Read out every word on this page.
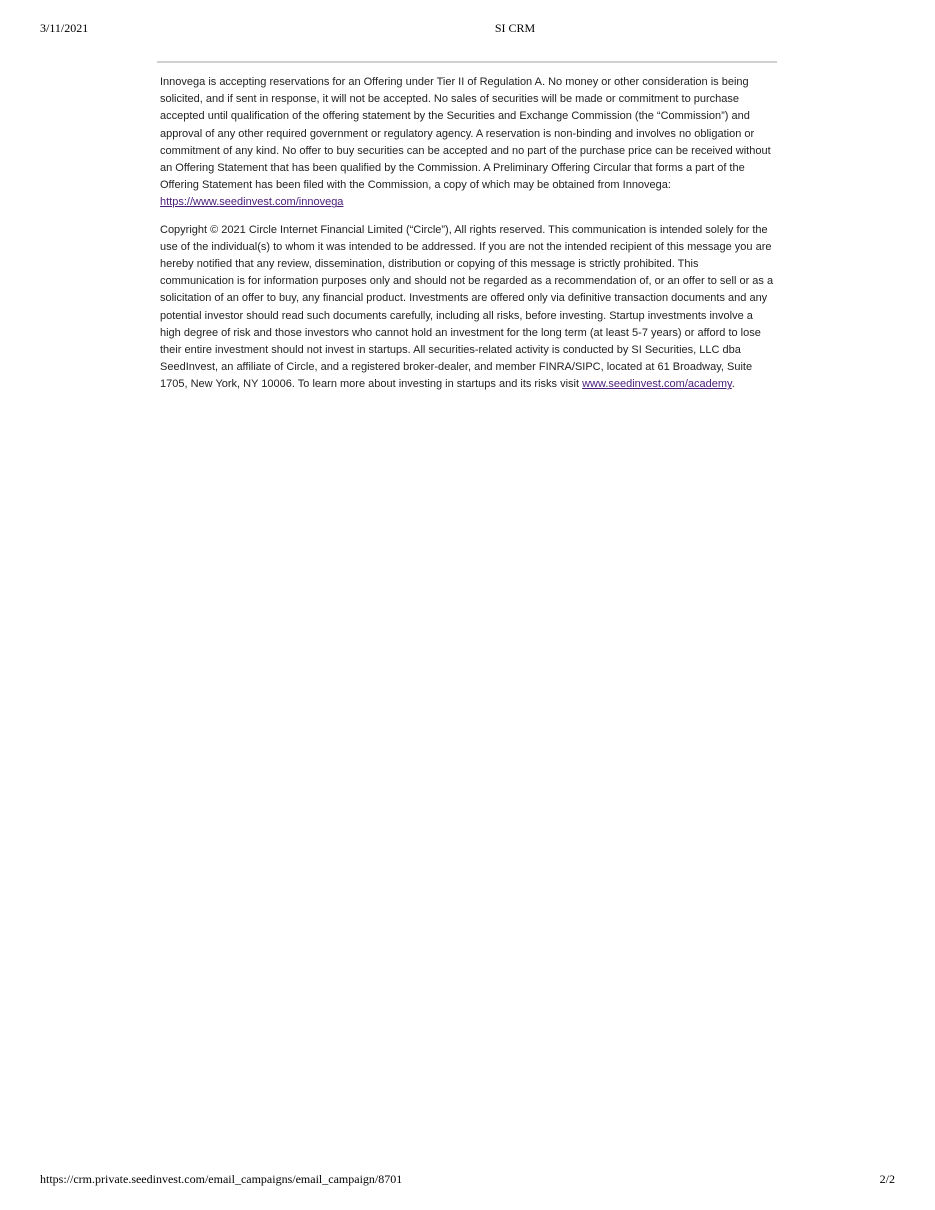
3/11/2021	SI CRM

Innovega is accepting reservations for an Offering under Tier II of Regulation A. No money or other consideration is being solicited, and if sent in response, it will not be accepted. No sales of securities will be made or commitment to purchase accepted until qualification of the offering statement by the Securities and Exchange Commission (the “Commission”) and approval of any other required government or regulatory agency. A reservation is non-binding and involves no obligation or commitment of any kind. No offer to buy securities can be accepted and no part of the purchase price can be received without an Offering Statement that has been qualified by the Commission. A Preliminary Offering Circular that forms a part of the Offering Statement has been filed with the Commission, a copy of which may be obtained from Innovega: https://www.seedinvest.com/innovega

Copyright © 2021 Circle Internet Financial Limited (“Circle”), All rights reserved. This communication is intended solely for the use of the individual(s) to whom it was intended to be addressed. If you are not the intended recipient of this message you are hereby notified that any review, dissemination, distribution or copying of this message is strictly prohibited. This communication is for information purposes only and should not be regarded as a recommendation of, or an offer to sell or as a solicitation of an offer to buy, any financial product. Investments are offered only via definitive transaction documents and any potential investor should read such documents carefully, including all risks, before investing. Startup investments involve a high degree of risk and those investors who cannot hold an investment for the long term (at least 5-7 years) or afford to lose their entire investment should not invest in startups. All securities-related activity is conducted by SI Securities, LLC dba SeedInvest, an affiliate of Circle, and a registered broker-dealer, and member FINRA/SIPC, located at 61 Broadway, Suite 1705, New York, NY 10006. To learn more about investing in startups and its risks visit www.seedinvest.com/academy.

https://crm.private.seedinvest.com/email_campaigns/email_campaign/8701	2/2
